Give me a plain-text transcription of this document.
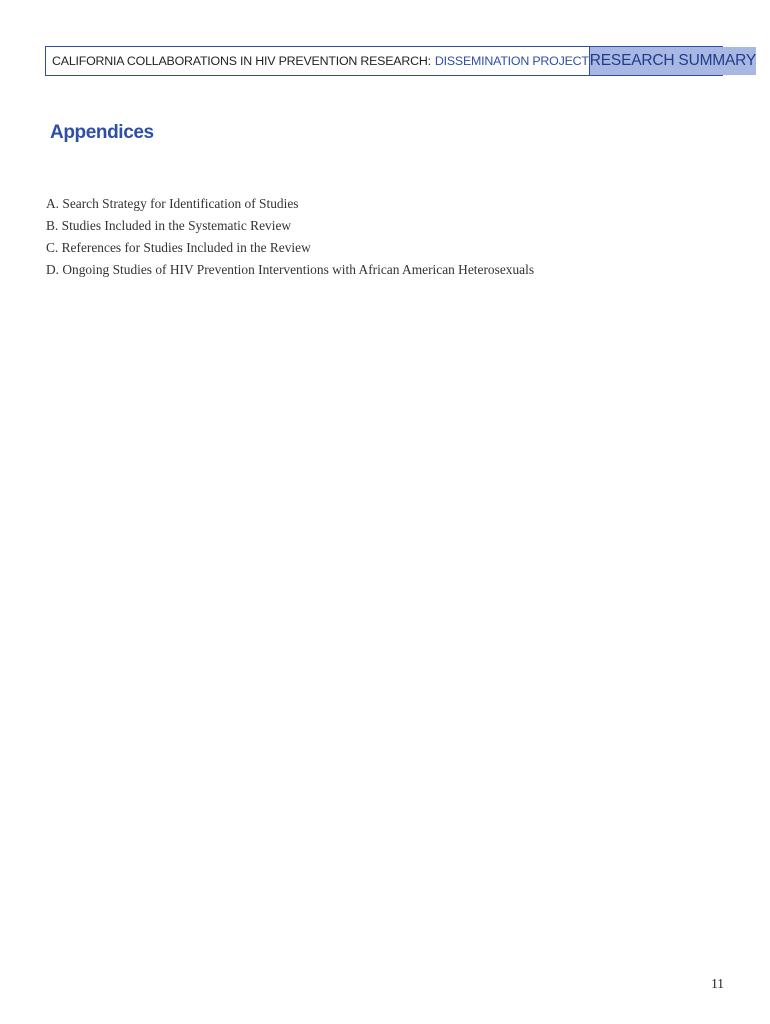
CALIFORNIA COLLABORATIONS IN HIV PREVENTION RESEARCH: DISSEMINATION PROJECT RESEARCH SUMMARY
Appendices
A. Search Strategy for Identification of Studies
B. Studies Included in the Systematic Review
C. References for Studies Included in the Review
D. Ongoing Studies of HIV Prevention Interventions with African American Heterosexuals
11
